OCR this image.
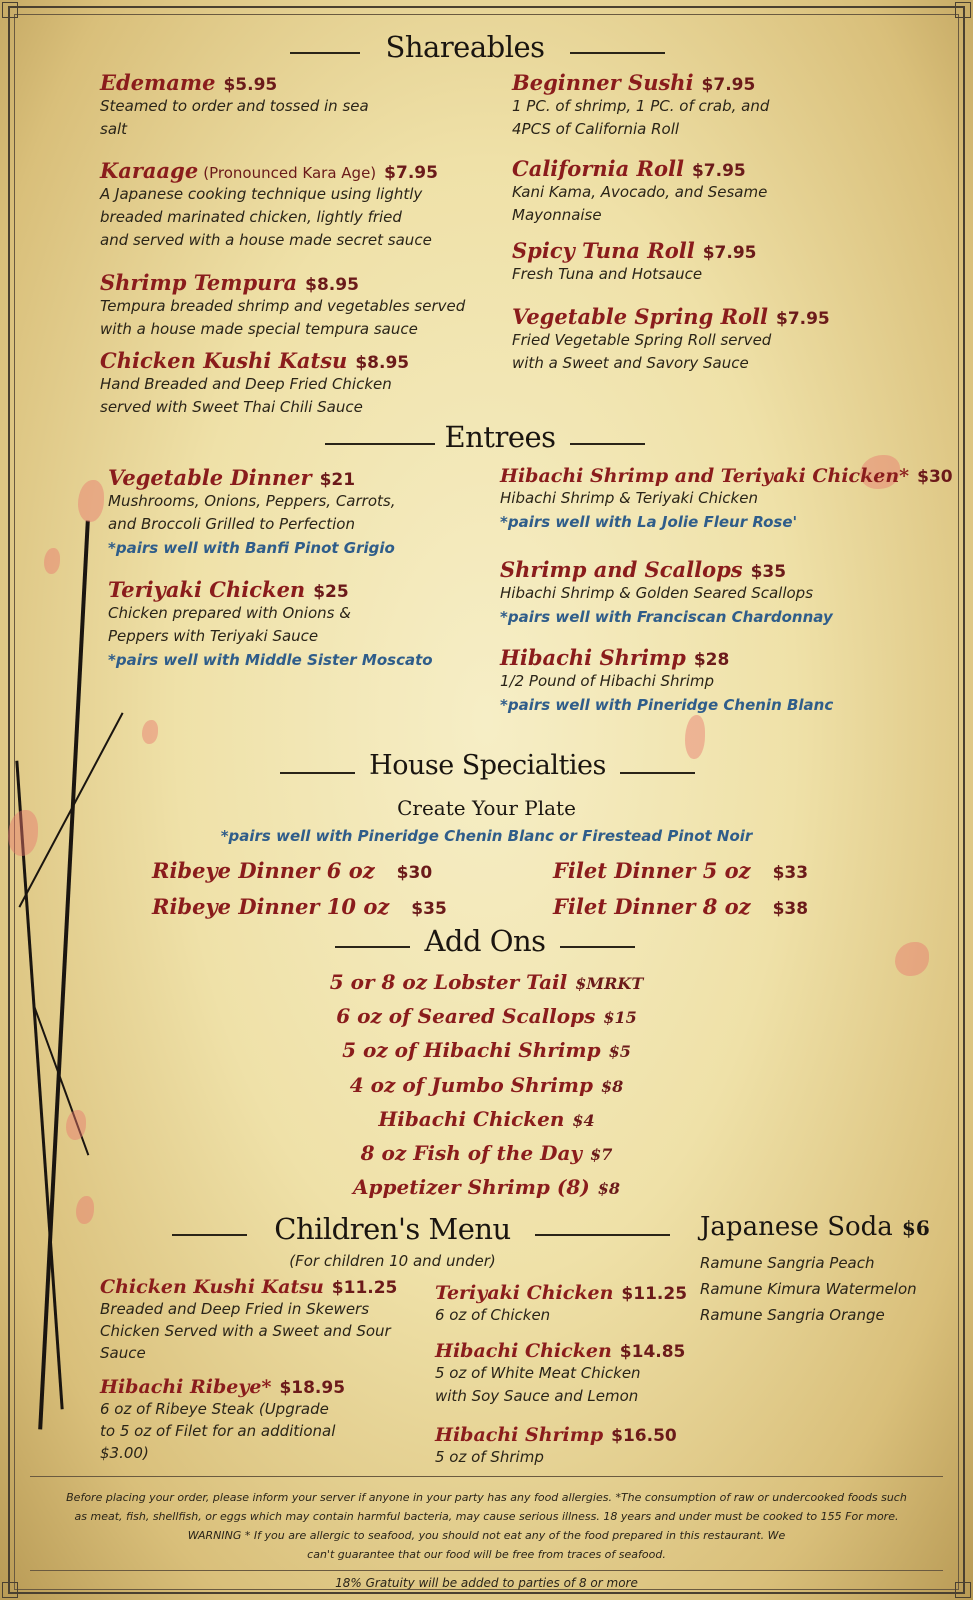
Shareables
Edemame $5.95
Steamed to order and tossed in sea
salt
Karaage (Pronounced Kara Age) $7.95
A Japanese cooking technique using lightly
breaded marinated chicken, lightly fried
and served with a house made secret sauce
Shrimp Tempura $8.95
Tempura breaded shrimp and vegetables served
with a house made special tempura sauce
Chicken Kushi Katsu $8.95
Hand Breaded and Deep Fried Chicken
served with Sweet Thai Chili Sauce
Beginner Sushi $7.95
1 PC. of shrimp, 1 PC. of crab, and
4PCS of California Roll
California Roll $7.95
Kani Kama, Avocado, and Sesame
Mayonnaise
Spicy Tuna Roll $7.95
Fresh Tuna and Hotsauce
Vegetable Spring Roll $7.95
Fried Vegetable Spring Roll served
with a Sweet and Savory Sauce
Entrees
Vegetable Dinner $21
Mushrooms, Onions, Peppers, Carrots,
and Broccoli Grilled to Perfection
*pairs well with Banfi Pinot Grigio
Teriyaki Chicken $25
Chicken prepared with Onions &
Peppers with Teriyaki Sauce
*pairs well with Middle Sister Moscato
Hibachi Shrimp and Teriyaki Chicken* $30
Hibachi Shrimp & Teriyaki Chicken
*pairs well with La Jolie Fleur Rose'
Shrimp and Scallops $35
Hibachi Shrimp & Golden Seared Scallops
*pairs well with Franciscan Chardonnay
Hibachi Shrimp $28
1/2 Pound of Hibachi Shrimp
*pairs well with Pineridge Chenin Blanc
House Specialties
Create Your Plate
*pairs well with Pineridge Chenin Blanc or Firestead Pinot Noir
Ribeye Dinner 6 oz $30
Ribeye Dinner 10 oz $35
Filet Dinner 5 oz $33
Filet Dinner 8 oz $38
Add Ons
5 or 8 oz Lobster Tail $MRKT
6 oz of Seared Scallops $15
5 oz of Hibachi Shrimp $5
4 oz of Jumbo Shrimp $8
Hibachi Chicken $4
8 oz Fish of the Day $7
Appetizer Shrimp (8) $8
Children's Menu
(For children 10 and under)
Chicken Kushi Katsu $11.25
Breaded and Deep Fried in Skewers
Chicken Served with a Sweet and Sour
Sauce
Hibachi Ribeye* $18.95
6 oz of Ribeye Steak (Upgrade
to 5 oz of Filet for an additional
$3.00)
Teriyaki Chicken $11.25
6 oz of Chicken
Hibachi Chicken $14.85
5 oz of White Meat Chicken
with Soy Sauce and Lemon
Hibachi Shrimp $16.50
5 oz of Shrimp
Japanese Soda $6
Ramune Sangria Peach
Ramune Kimura Watermelon
Ramune Sangria Orange
Before placing your order, please inform your server if anyone in your party has any food allergies. *The consumption of raw or undercooked foods such
as meat, fish, shellfish, or eggs which may contain harmful bacteria, may cause serious illness. 18 years and under must be cooked to 155 For more.
WARNING * If you are allergic to seafood, you should not eat any of the food prepared in this restaurant. We
can't guarantee that our food will be free from traces of seafood.
18% Gratuity will be added to parties of 8 or more
